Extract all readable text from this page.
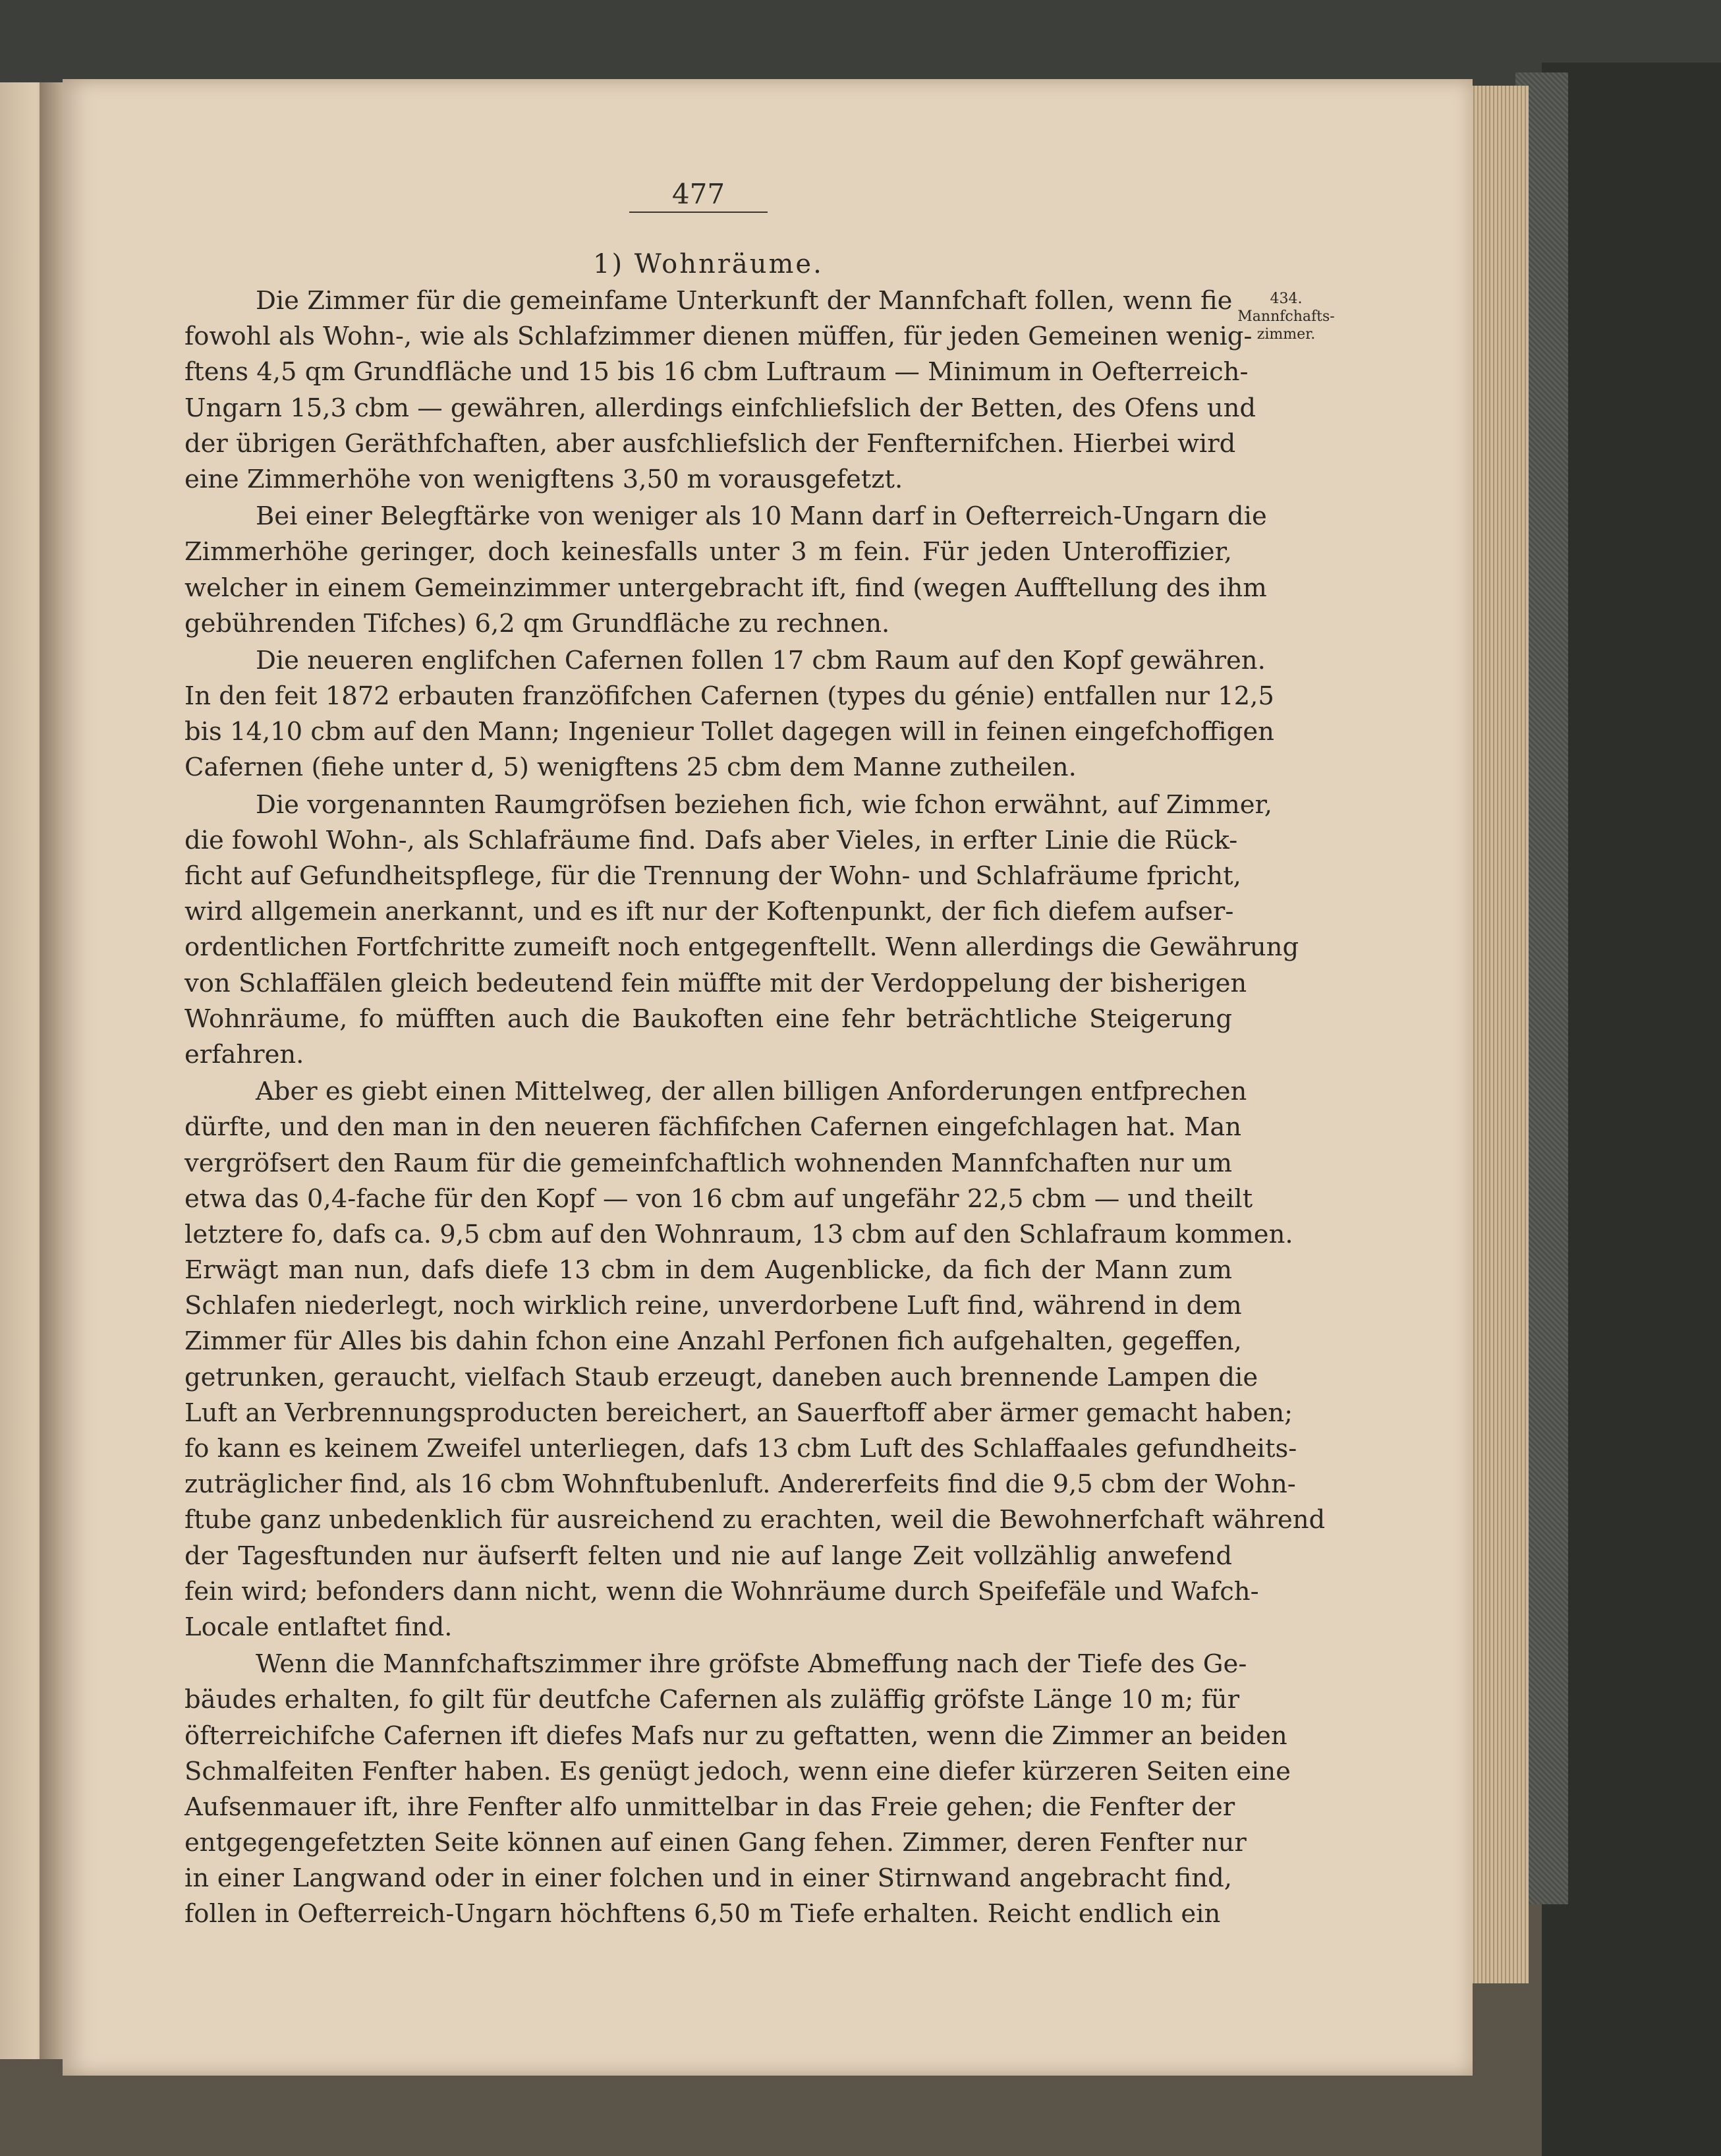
477
1) Wohnräume.
434.
Mannfchafts-
zimmer.
Die Zimmer für die gemeinfame Unterkunft der Mannfchaft follen, wenn fie
fowohl als Wohn-, wie als Schlafzimmer dienen müffen, für jeden Gemeinen wenig-
ftens 4,5 qm Grundfläche und 15 bis 16 cbm Luftraum — Minimum in Oefterreich-
Ungarn 15,3 cbm — gewähren, allerdings einfchliefslich der Betten, des Ofens und
der übrigen Geräthfchaften, aber ausfchliefslich der Fenfternifchen. Hierbei wird
eine Zimmerhöhe von wenigftens 3,50 m vorausgefetzt.
Bei einer Belegftärke von weniger als 10 Mann darf in Oefterreich-Ungarn die
Zimmerhöhe geringer, doch keinesfalls unter 3 m fein. Für jeden Unteroffizier,
welcher in einem Gemeinzimmer untergebracht ift, find (wegen Aufftellung des ihm
gebührenden Tifches) 6,2 qm Grundfläche zu rechnen.
Die neueren englifchen Cafernen follen 17 cbm Raum auf den Kopf gewähren.
In den feit 1872 erbauten franzöfifchen Cafernen (types du génie) entfallen nur 12,5
bis 14,10 cbm auf den Mann; Ingenieur Tollet dagegen will in feinen eingefchoffigen
Cafernen (fiehe unter d, 5) wenigftens 25 cbm dem Manne zutheilen.
Die vorgenannten Raumgröfsen beziehen fich, wie fchon erwähnt, auf Zimmer,
die fowohl Wohn-, als Schlafräume find. Dafs aber Vieles, in erfter Linie die Rück-
ficht auf Gefundheitspflege, für die Trennung der Wohn- und Schlafräume fpricht,
wird allgemein anerkannt, und es ift nur der Koftenpunkt, der fich diefem aufser-
ordentlichen Fortfchritte zumeift noch entgegenftellt. Wenn allerdings die Gewährung
von Schlaffälen gleich bedeutend fein müffte mit der Verdoppelung der bisherigen
Wohnräume, fo müfften auch die Baukoften eine fehr beträchtliche Steigerung
erfahren.
Aber es giebt einen Mittelweg, der allen billigen Anforderungen entfprechen
dürfte, und den man in den neueren fächfifchen Cafernen eingefchlagen hat. Man
vergröfsert den Raum für die gemeinfchaftlich wohnenden Mannfchaften nur um
etwa das 0,4-fache für den Kopf — von 16 cbm auf ungefähr 22,5 cbm — und theilt
letztere fo, dafs ca. 9,5 cbm auf den Wohnraum, 13 cbm auf den Schlafraum kommen.
Erwägt man nun, dafs diefe 13 cbm in dem Augenblicke, da fich der Mann zum
Schlafen niederlegt, noch wirklich reine, unverdorbene Luft find, während in dem
Zimmer für Alles bis dahin fchon eine Anzahl Perfonen fich aufgehalten, gegeffen,
getrunken, geraucht, vielfach Staub erzeugt, daneben auch brennende Lampen die
Luft an Verbrennungsproducten bereichert, an Sauerftoff aber ärmer gemacht haben;
fo kann es keinem Zweifel unterliegen, dafs 13 cbm Luft des Schlaffaales gefundheits-
zuträglicher find, als 16 cbm Wohnftubenluft. Andererfeits find die 9,5 cbm der Wohn-
ftube ganz unbedenklich für ausreichend zu erachten, weil die Bewohnerfchaft während
der Tagesftunden nur äufserft felten und nie auf lange Zeit vollzählig anwefend
fein wird; befonders dann nicht, wenn die Wohnräume durch Speifefäle und Wafch-
Locale entlaftet find.
Wenn die Mannfchaftszimmer ihre gröfste Abmeffung nach der Tiefe des Ge-
bäudes erhalten, fo gilt für deutfche Cafernen als zuläffig gröfste Länge 10 m; für
öfterreichifche Cafernen ift diefes Mafs nur zu geftatten, wenn die Zimmer an beiden
Schmalfeiten Fenfter haben. Es genügt jedoch, wenn eine diefer kürzeren Seiten eine
Aufsenmauer ift, ihre Fenfter alfo unmittelbar in das Freie gehen; die Fenfter der
entgegengefetzten Seite können auf einen Gang fehen. Zimmer, deren Fenfter nur
in einer Langwand oder in einer folchen und in einer Stirnwand angebracht find,
follen in Oefterreich-Ungarn höchftens 6,50 m Tiefe erhalten. Reicht endlich ein
